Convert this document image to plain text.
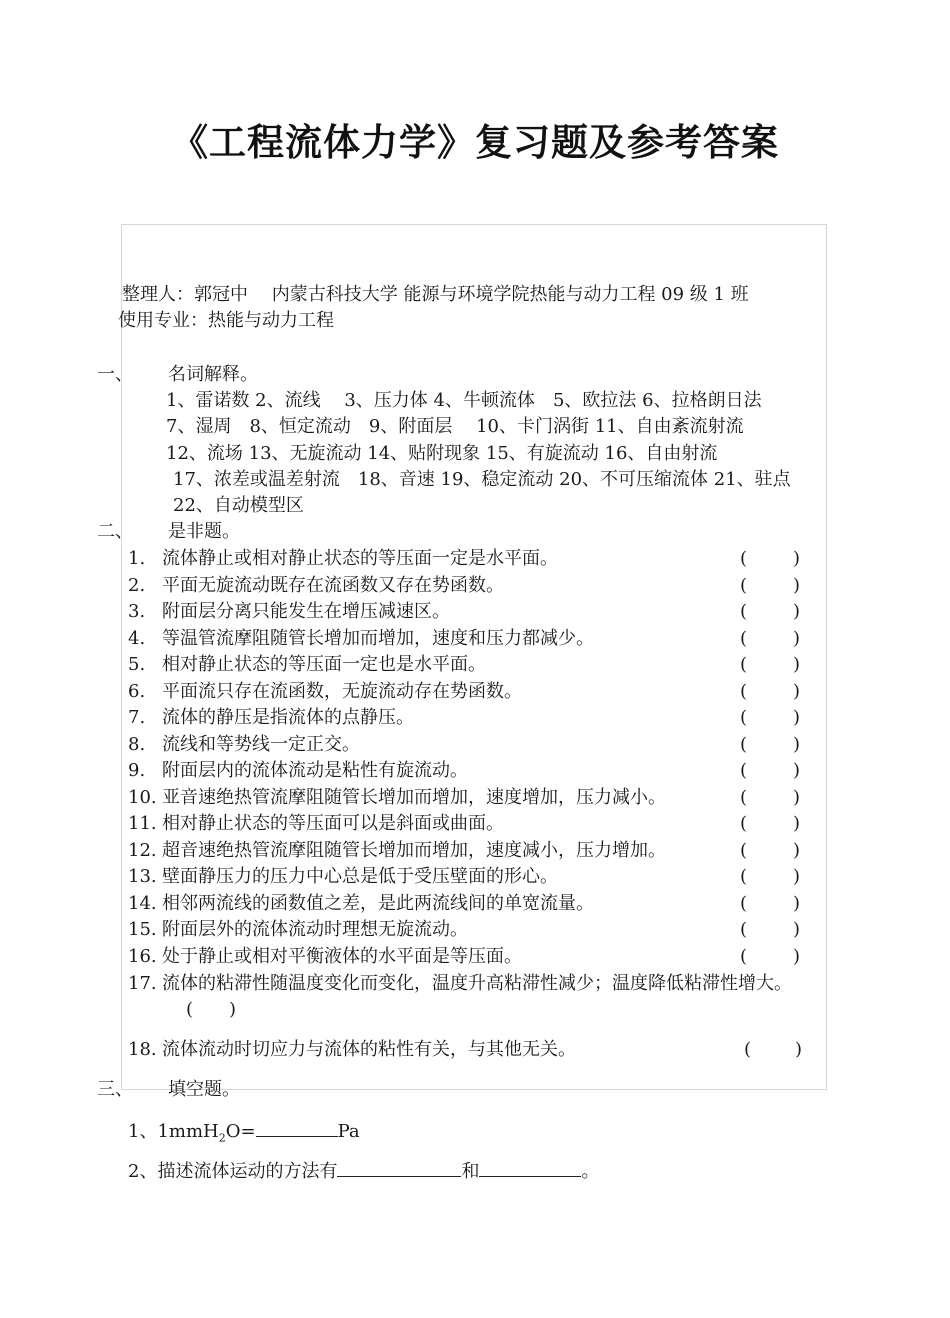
《工程流体力学》复习题及参考答案
整理人：郭冠中　 内蒙古科技大学 能源与环境学院热能与动力工程 09 级 1 班
使用专业：热能与动力工程
一、 名词解释。
1、雷诺数 2、流线　 3、压力体 4、牛顿流体　5、欧拉法 6、拉格朗日法
7、湿周　8、恒定流动　9、附面层　 10、卡门涡街 11、自由紊流射流
12、流场 13、无旋流动 14、贴附现象 15、有旋流动 16、自由射流
17、浓差或温差射流　18、音速 19、稳定流动 20、不可压缩流体 21、驻点
22、自动模型区
二、 是非题。
1. 流体静止或相对静止状态的等压面一定是水平面。	(	)
2. 平面无旋流动既存在流函数又存在势函数。	(	)
3. 附面层分离只能发生在增压减速区。	(	)
4. 等温管流摩阻随管长增加而增加，速度和压力都减少。	(	)
5. 相对静止状态的等压面一定也是水平面。	(	)
6. 平面流只存在流函数，无旋流动存在势函数。	(	)
7. 流体的静压是指流体的点静压。	(	)
8. 流线和等势线一定正交。	(	)
9. 附面层内的流体流动是粘性有旋流动。	(	)
10. 亚音速绝热管流摩阻随管长增加而增加，速度增加，压力减小。	(	)
11. 相对静止状态的等压面可以是斜面或曲面。	(	)
12. 超音速绝热管流摩阻随管长增加而增加，速度减小，压力增加。	(	)
13. 壁面静压力的压力中心总是低于受压壁面的形心。	(	)
14. 相邻两流线的函数值之差，是此两流线间的单宽流量。	(	)
15. 附面层外的流体流动时理想无旋流动。	(	)
16. 处于静止或相对平衡液体的水平面是等压面。	(	)
17. 流体的粘滞性随温度变化而变化，温度升高粘滞性减少；温度降低粘滞性增大。
( )
18. 流体流动时切应力与流体的粘性有关，与其他无关。	( )
三、 填空题。
1、1mmH$_2$O=	Pa
2、描述流体运动的方法有	和	。
